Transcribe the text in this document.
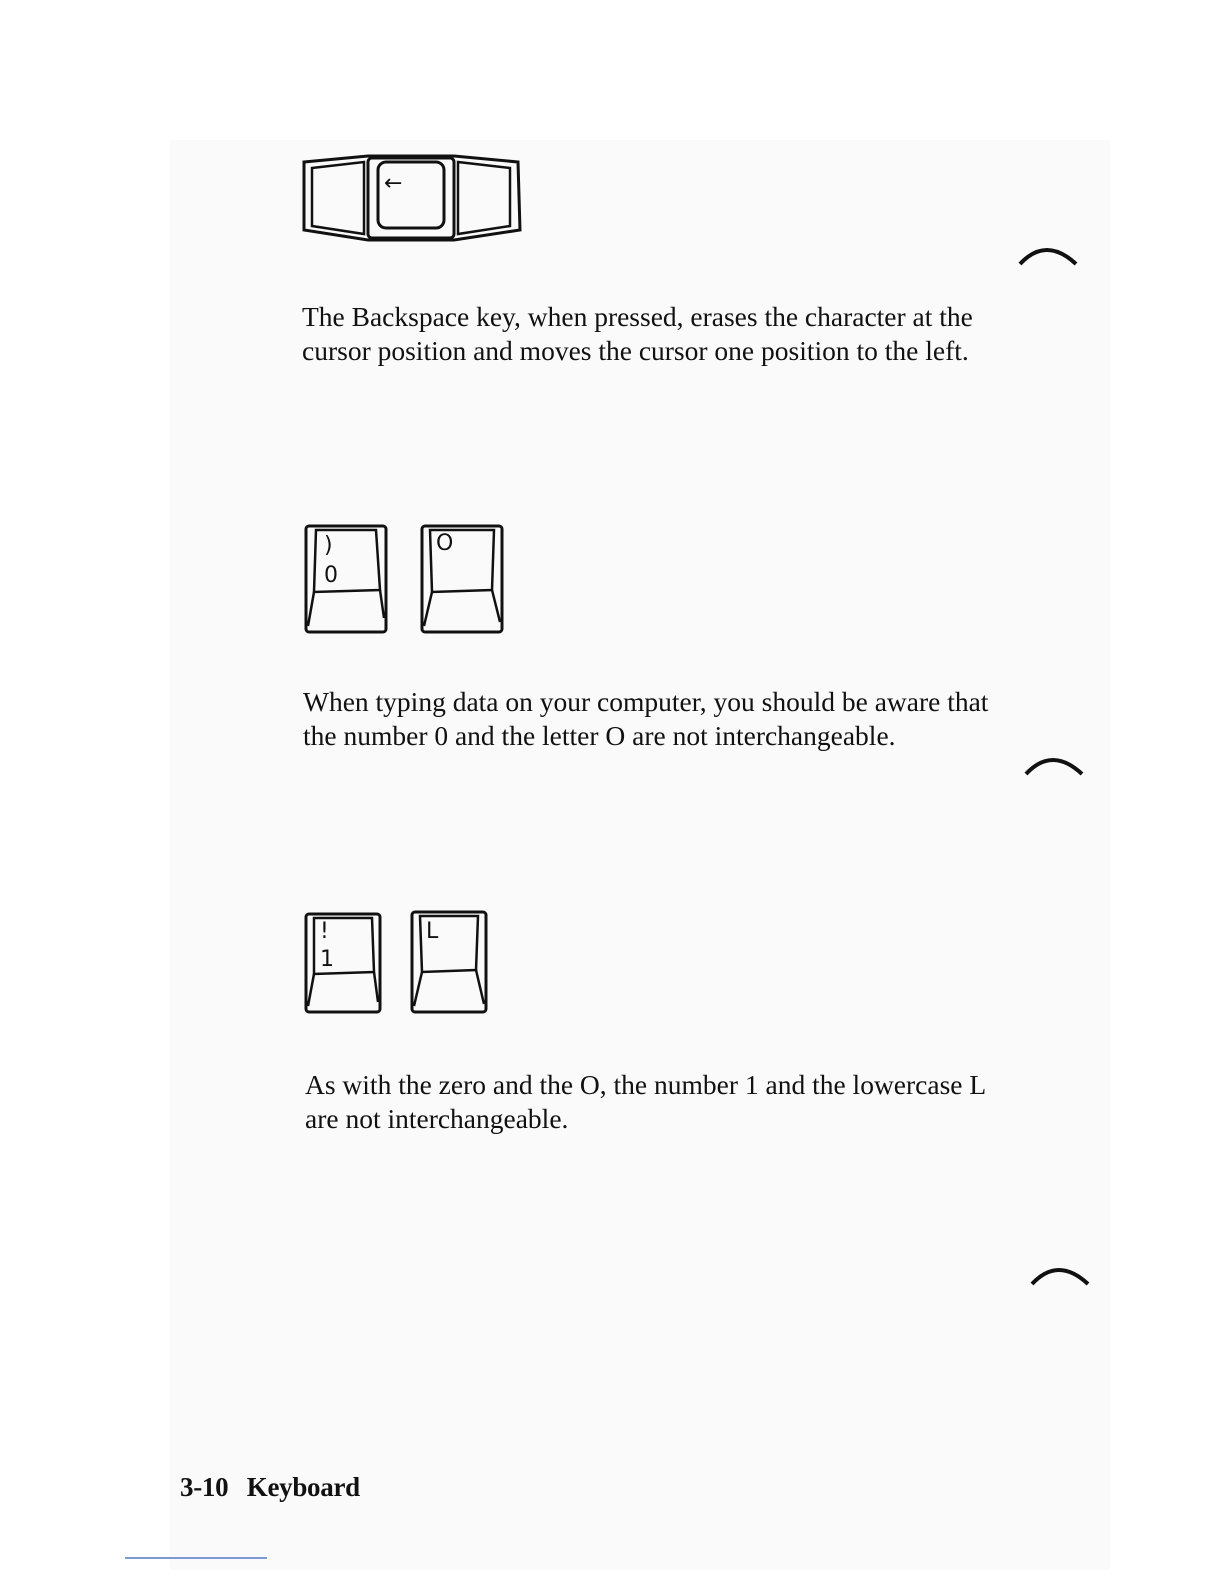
←

The Backspace key, when pressed, erases the character at the cursor position and moves the cursor one position to the left.

)
0
O

When typing data on your computer, you should be aware that the number 0 and the letter O are not interchangeable.

!
1
L

As with the zero and the O, the number 1 and the lowercase L are not interchangeable.

3-10 Keyboard
